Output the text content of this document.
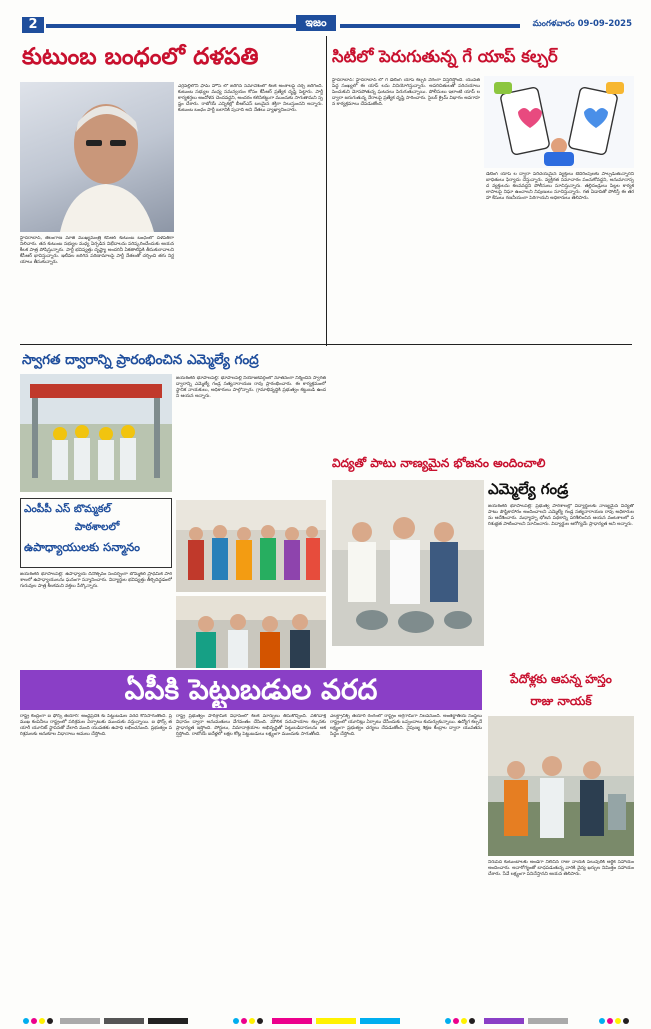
2	ఇజం	మంగళవారం 09-09-2025
కుటుంబ బంధంలో దళపతి
హైదరాబాద్, తెలంగాణ మాజీ ముఖ్యమంత్రి కేసీఆర్ కుటుంబ బంధంలో దళపతిగా నిలిచారు. తన కుటుంబ సభ్యుల మధ్య ఏర్పడిన విభేదాలను పరిష్కరించేందుకు ఆయన కీలక పాత్ర పోషిస్తున్నారు. పార్టీ భవిష్యత్తు దృష్ట్యా అందరినీ ఏకతాటిపైకి తీసుకురావాలని కేసీఆర్ భావిస్తున్నారు. ఇటీవల జరిగిన పరిణామాలపై పార్టీ నేతలతో చర్చించి తగు నిర్ణయాలు తీసుకున్నారు.
ఎర్రవల్లిలోని ఫామ్ హౌస్ లో జరిగిన సమావేశంలో కీలక అంశాలపై చర్చ జరిగింది. కుటుంబ సభ్యుల మధ్య సమన్వయం కోసం కేసీఆర్ ప్రత్యేక దృష్టి పెట్టారు. పార్టీ కార్యకర్తలు ఆందోళన చెందవద్దని, అందరం కలిసికట్టుగా ముందుకు సాగుతామని స్పష్టం చేశారు. రాబోయే ఎన్నికల్లో బీఆర్ఎస్ బలమైన శక్తిగా నిలుస్తుందని అన్నారు. కుటుంబ బంధం పార్టీ బలానికి పునాది అని నేతలు వ్యాఖ్యానించారు.
సిటీలో పెరుగుతున్న గే యాప్ కల్చర్
హైదరాబాద్: హైదరాబాద్ లో గే డేటింగ్ యాప్ కల్చర్ వేగంగా విస్తరిస్తోంది. యువత పెద్ద సంఖ్యలో ఈ యాప్ లను వినియోగిస్తున్నారు. అపరిచితులతో పరిచయాలు పెంచుకుని మోసపోతున్న ఘటనలు పెరుగుతున్నాయి. పోలీసులు ఇలాంటి యాప్ ల ద్వారా జరుగుతున్న నేరాలపై ప్రత్యేక దృష్టి సారించారు. సైబర్ క్రైమ్ విభాగం అవగాహన కార్యక్రమాలు చేపడుతోంది.
డేటింగ్ యాప్ ల ద్వారా పరిచయమైన వ్యక్తులు బెదిరింపులకు పాల్పడుతున్నారని బాధితులు ఫిర్యాదు చేస్తున్నారు. వ్యక్తిగత సమాచారం పంచుకోవద్దని, అనుమానాస్పద వ్యక్తులను కలవవద్దని పోలీసులు సూచిస్తున్నారు. తల్లిదండ్రులు పిల్లల కార్యకలాపాలపై నిఘా ఉంచాలని నిపుణులు సూచిస్తున్నారు. గత ఏడాదితో పోలిస్తే ఈ తరహా కేసులు గణనీయంగా పెరిగాయని అధికారులు తెలిపారు.
స్వాగత ద్వారాన్ని ప్రారంభించిన ఎమ్మెల్యే గంద్ర
జయశంకర్ భూపాలపల్లి: భూపాలపల్లి నియోజకవర్గంలో నూతనంగా నిర్మించిన స్వాగత ద్వారాన్ని ఎమ్మెల్యే గండ్ర సత్యనారాయణ రావు ప్రారంభించారు. ఈ కార్యక్రమంలో స్థానిక నాయకులు, అధికారులు పాల్గొన్నారు. గ్రామాభివృద్ధికి ప్రభుత్వం కట్టుబడి ఉందని ఆయన అన్నారు.
విద్యతో పాటు నాణ్యమైన భోజనం అందించాలి
ఎమ్మెల్యే గండ్ర
జయశంకర్ భూపాలపల్లి: ప్రభుత్వ పాఠశాలల్లో విద్యార్థులకు నాణ్యమైన విద్యతో పాటు పౌష్టికాహారం అందించాలని ఎమ్మెల్యే గండ్ర సత్యనారాయణ రావు అధికారులను ఆదేశించారు. మధ్యాహ్న భోజన పథకాన్ని పరిశీలించిన ఆయన వంటశాలలో పరిశుభ్రత పాటించాలని సూచించారు. విద్యార్థుల ఆరోగ్యమే ప్రాధాన్యత అని అన్నారు.
ఎంపీపీ ఎస్ బొమ్మకల్
పాఠశాలలో
ఉపాధ్యాయులకు సన్మానం
జయశంకర్ భూపాలపల్లి: ఉపాధ్యాయ దినోత్సవం సందర్భంగా బొమ్మకల్ ప్రాథమిక పాఠశాలలో ఉపాధ్యాయులను ఘనంగా సన్మానించారు. విద్యార్థుల భవిష్యత్తు తీర్చిదిద్దడంలో గురువుల పాత్ర కీలకమని వక్తలు పేర్కొన్నారు.
ఏపీకి పెట్టుబడుల వరద
రాష్ట్ర కేంద్రంగా ఐ ఫోన్స్ తయారీ: ఆంధ్రప్రదేశ్ కు పెట్టుబడుల వరద కొనసాగుతోంది. ప్రముఖ కంపెనీలు రాష్ట్రంలో పరిశ్రమల ఏర్పాటుకు ముందుకు వస్తున్నాయి. ఐ ఫోన్స్ తయారీ యూనిట్ స్థాపనతో వేలాది మంది యువతకు ఉపాధి లభించనుంది. ప్రభుత్వం పరిశ్రమలకు అనుకూల విధానాలు అమలు చేస్తోంది.
రాష్ట్ర ప్రభుత్వం పారిశ్రామిక విధానంలో కీలక మార్పులు తీసుకొచ్చింది. ఏకగవాక్ష విధానం ద్వారా అనుమతులు వేగవంతం చేసింది. మౌలిక సదుపాయాల కల్పనకు ప్రాధాన్యత ఇస్తోంది. పోర్టులు, విమానాశ్రయాల అభివృద్ధితో పెట్టుబడిదారులను ఆకర్షిస్తోంది. రాబోయే ఐదేళ్లలో లక్షల కోట్ల పెట్టుబడులు లక్ష్యంగా ముందుకు సాగుతోంది.
ఎలక్ట్రానిక్స్ తయారీ రంగంలో రాష్ట్రం అగ్రగామిగా నిలవనుంది. అంతర్జాతీయ సంస్థలు రాష్ట్రంలో యూనిట్లు ఏర్పాటు చేసేందుకు ఒప్పందాలు కుదుర్చుకున్నాయి. ఉద్యోగ కల్పనే లక్ష్యంగా ప్రభుత్వం చర్యలు చేపడుతోంది. నైపుణ్య శిక్షణ కేంద్రాల ద్వారా యువతను సిద్ధం చేస్తోంది.
పేదోళ్లకు ఆపన్న హస్తం
రాజు నాయక్
నిరుపేద కుటుంబాలకు అండగా నిలిచిన రాజు నాయక్ పలువురికి ఆర్థిక సహాయం అందించారు. అనారోగ్యంతో బాధపడుతున్న వారికి వైద్య ఖర్చుల నిమిత్తం సహాయం చేశారు. సేవే లక్ష్యంగా పనిచేస్తానని ఆయన తెలిపారు.
